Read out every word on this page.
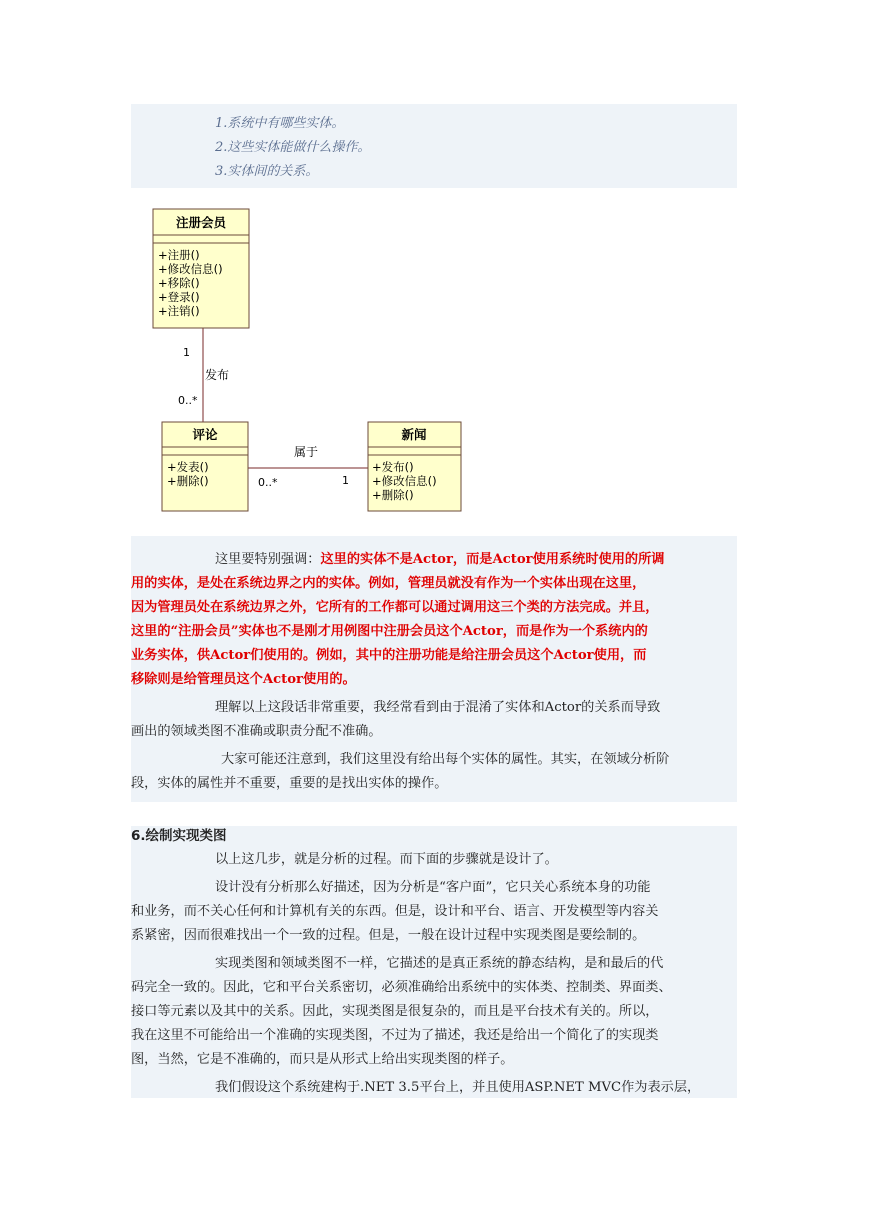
1.系统中有哪些实体。
2.这些实体能做什么操作。
3.实体间的关系。
注册会员
+注册()
+修改信息()
+移除()
+登录()
+注销()
评论
+发表()
+删除()
新闻
+发布()
+修改信息()
+删除()
1
发布
0..*
属于
0..*	1
这里要特别强调：这里的实体不是Actor，而是Actor使用系统时使用的所调
用的实体，是处在系统边界之内的实体。例如，管理员就没有作为一个实体出现在这里，
因为管理员处在系统边界之外，它所有的工作都可以通过调用这三个类的方法完成。并且，
这里的“注册会员”实体也不是刚才用例图中注册会员这个Actor，而是作为一个系统内的
业务实体，供Actor们使用的。例如，其中的注册功能是给注册会员这个Actor使用，而
移除则是给管理员这个Actor使用的。
理解以上这段话非常重要，我经常看到由于混淆了实体和Actor的关系而导致
画出的领域类图不准确或职责分配不准确。
大家可能还注意到，我们这里没有给出每个实体的属性。其实，在领域分析阶
段，实体的属性并不重要，重要的是找出实体的操作。
6.绘制实现类图
以上这几步，就是分析的过程。而下面的步骤就是设计了。
设计没有分析那么好描述，因为分析是“客户面”，它只关心系统本身的功能
和业务，而不关心任何和计算机有关的东西。但是，设计和平台、语言、开发模型等内容关
系紧密，因而很难找出一个一致的过程。但是，一般在设计过程中实现类图是要绘制的。
实现类图和领域类图不一样，它描述的是真正系统的静态结构，是和最后的代
码完全一致的。因此，它和平台关系密切，必须准确给出系统中的实体类、控制类、界面类、
接口等元素以及其中的关系。因此，实现类图是很复杂的，而且是平台技术有关的。所以，
我在这里不可能给出一个准确的实现类图，不过为了描述，我还是给出一个简化了的实现类
图，当然，它是不准确的，而只是从形式上给出实现类图的样子。
我们假设这个系统建构于.NET 3.5平台上，并且使用ASP.NET MVC作为表示层，
